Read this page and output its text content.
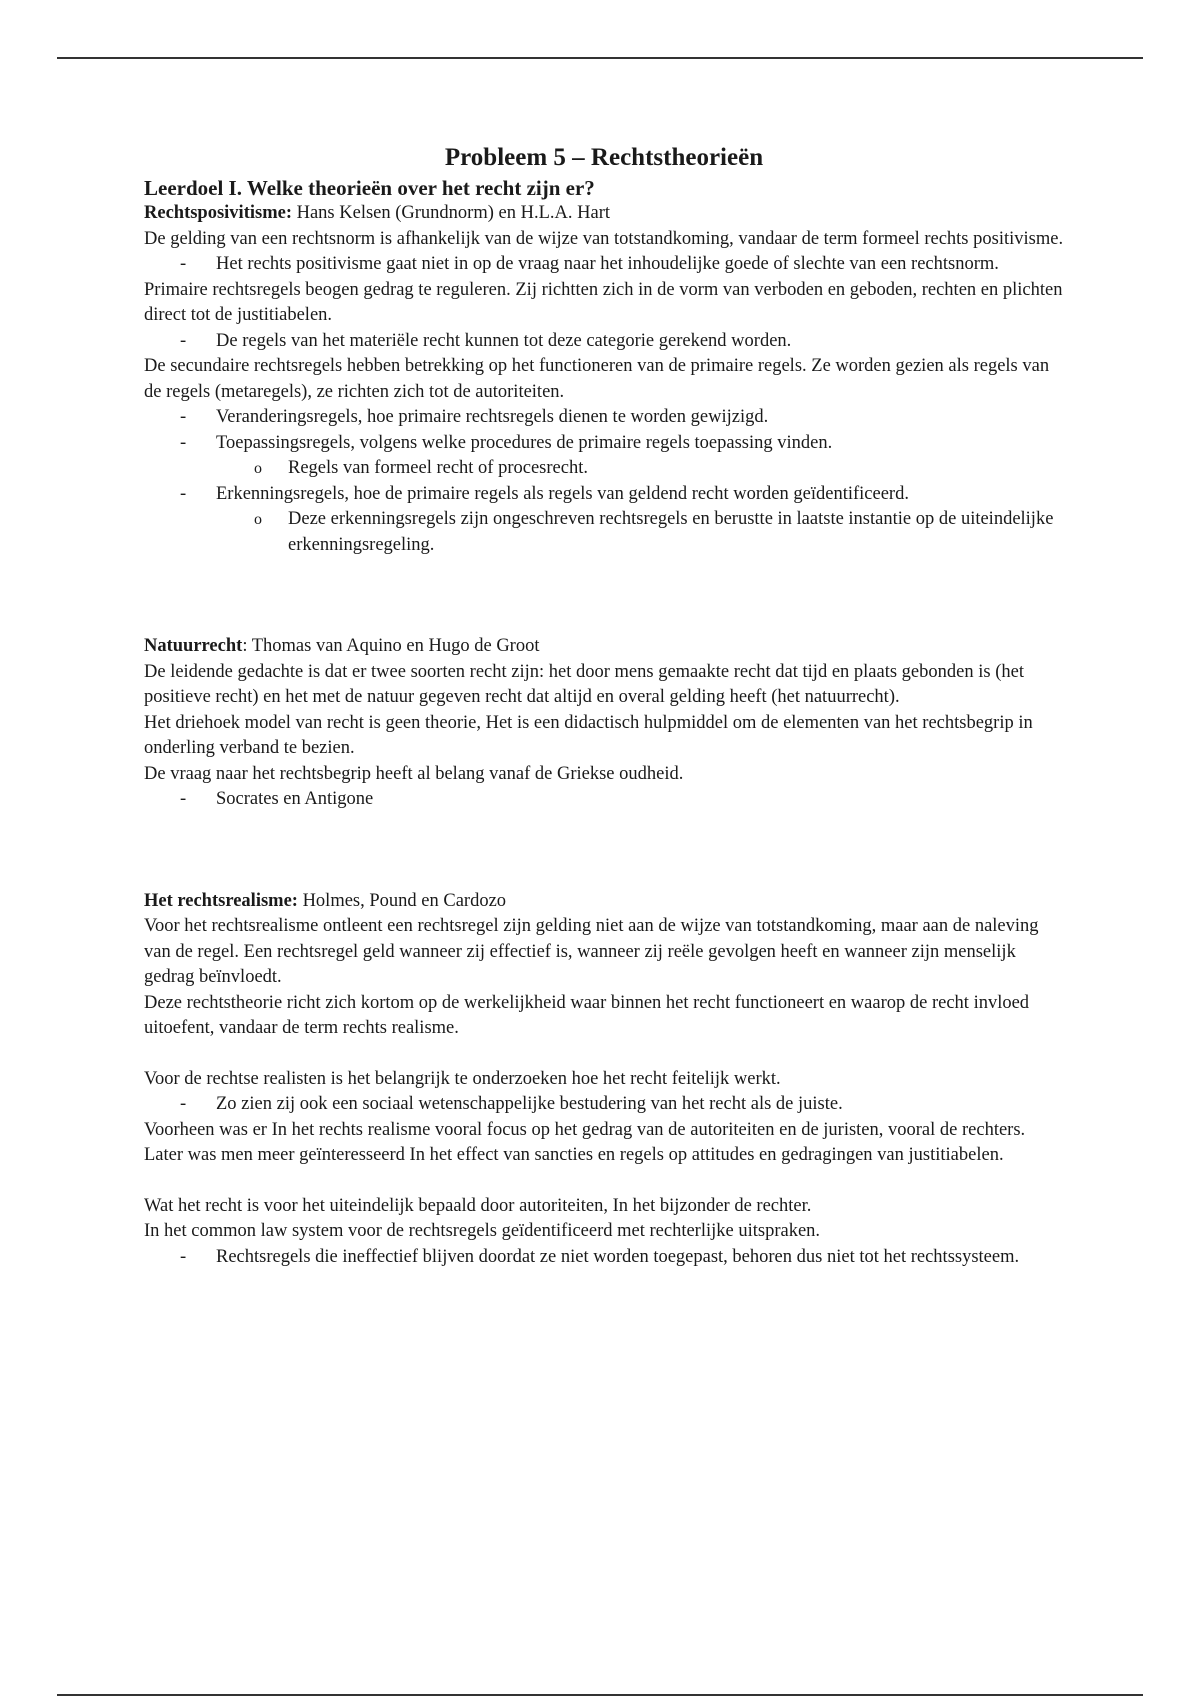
Probleem 5 – Rechtstheorieën
Leerdoel I. Welke theorieën over het recht zijn er?

Rechtsposivitisme: Hans Kelsen (Grundnorm) en H.L.A. Hart

De gelding van een rechtsnorm is afhankelijk van de wijze van totstandkoming, vandaar de term formeel rechts positivisme.

- Het rechts positivisme gaat niet in op de vraag naar het inhoudelijke goede of slechte van een rechtsnorm.

Primaire rechtsregels beogen gedrag te reguleren. Zij richtten zich in de vorm van verboden en geboden, rechten en plichten direct tot de justitiabelen.

- De regels van het materiële recht kunnen tot deze categorie gerekend worden.

De secundaire rechtsregels hebben betrekking op het functioneren van de primaire regels. Ze worden gezien als regels van de regels (metaregels), ze richten zich tot de autoriteiten.

- Veranderingsregels, hoe primaire rechtsregels dienen te worden gewijzigd.
- Toepassingsregels, volgens welke procedures de primaire regels toepassing vinden.
o Regels van formeel recht of procesrecht.
- Erkenningsregels, hoe de primaire regels als regels van geldend recht worden geïdentificeerd.
o Deze erkenningsregels zijn ongeschreven rechtsregels en berustte in laatste instantie op de uiteindelijke erkenningsregeling.

Natuurrecht: Thomas van Aquino en Hugo de Groot

De leidende gedachte is dat er twee soorten recht zijn: het door mens gemaakte recht dat tijd en plaats gebonden is (het positieve recht) en het met de natuur gegeven recht dat altijd en overal gelding heeft (het natuurrecht).

Het driehoek model van recht is geen theorie, Het is een didactisch hulpmiddel om de elementen van het rechtsbegrip in onderling verband te bezien.

De vraag naar het rechtsbegrip heeft al belang vanaf de Griekse oudheid.

- Socrates en Antigone

Het rechtsrealisme: Holmes, Pound en Cardozo

Voor het rechtsrealisme ontleent een rechtsregel zijn gelding niet aan de wijze van totstandkoming, maar aan de naleving van de regel. Een rechtsregel geld wanneer zij effectief is, wanneer zij reële gevolgen heeft en wanneer zijn menselijk gedrag beïnvloedt.

Deze rechtstheorie richt zich kortom op de werkelijkheid waar binnen het recht functioneert en waarop de recht invloed uitoefent, vandaar de term rechts realisme.

Voor de rechtse realisten is het belangrijk te onderzoeken hoe het recht feitelijk werkt.

- Zo zien zij ook een sociaal wetenschappelijke bestudering van het recht als de juiste.

Voorheen was er In het rechts realisme vooral focus op het gedrag van de autoriteiten en de juristen, vooral de rechters. Later was men meer geïnteresseerd In het effect van sancties en regels op attitudes en gedragingen van justitiabelen.

Wat het recht is voor het uiteindelijk bepaald door autoriteiten, In het bijzonder de rechter.

In het common law system voor de rechtsregels geïdentificeerd met rechterlijke uitspraken.

- Rechtsregels die ineffectief blijven doordat ze niet worden toegepast, behoren dus niet tot het rechtssysteem.
